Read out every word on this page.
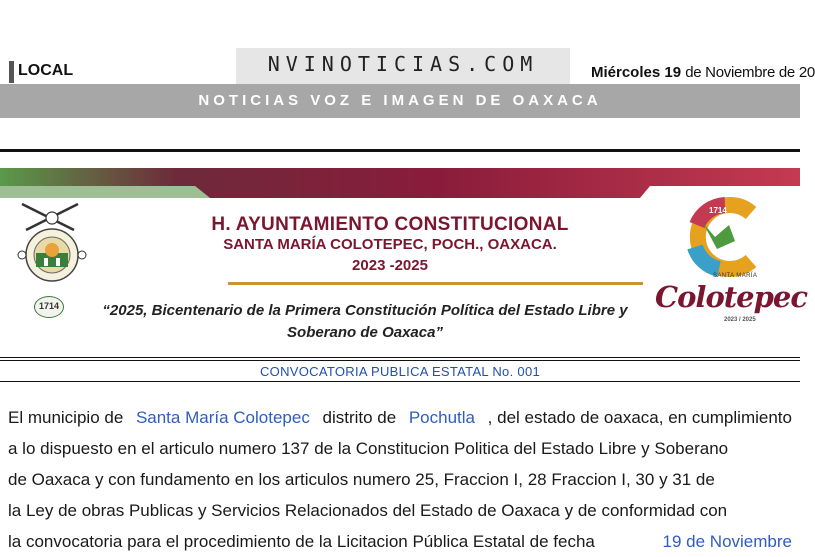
NVINOTICIAS.COM
LOCAL	Miércoles 19 de Noviembre de 20
NOTICIAS VOZ E IMAGEN DE OAXACA
1714
H. AYUNTAMIENTO CONSTITUCIONAL
SANTA MARÍA COLOTEPEC, POCH., OAXACA.
2023 -2025
“2025, Bicentenario de la Primera Constitución Política del Estado Libre y
Soberano de Oaxaca”
1714
SANTA MARÍA
Colotepec
2023 / 2025
CONVOCATORIA PUBLICA ESTATAL No. 001
El municipio de Santa María Colotepec distrito de Pochutla , del estado de oaxaca, en cumplimiento
a lo dispuesto en el articulo numero 137 de la Constitucion Politica del Estado Libre y Soberano
de Oaxaca y con fundamento en los articulos numero 25, Fraccion I, 28 Fraccion I, 30 y 31 de
la Ley de obras Publicas y Servicios Relacionados del Estado de Oaxaca y de conformidad con
la convocatoria para el procedimiento de la Licitacion Pública Estatal de fecha	19 de Noviembre
